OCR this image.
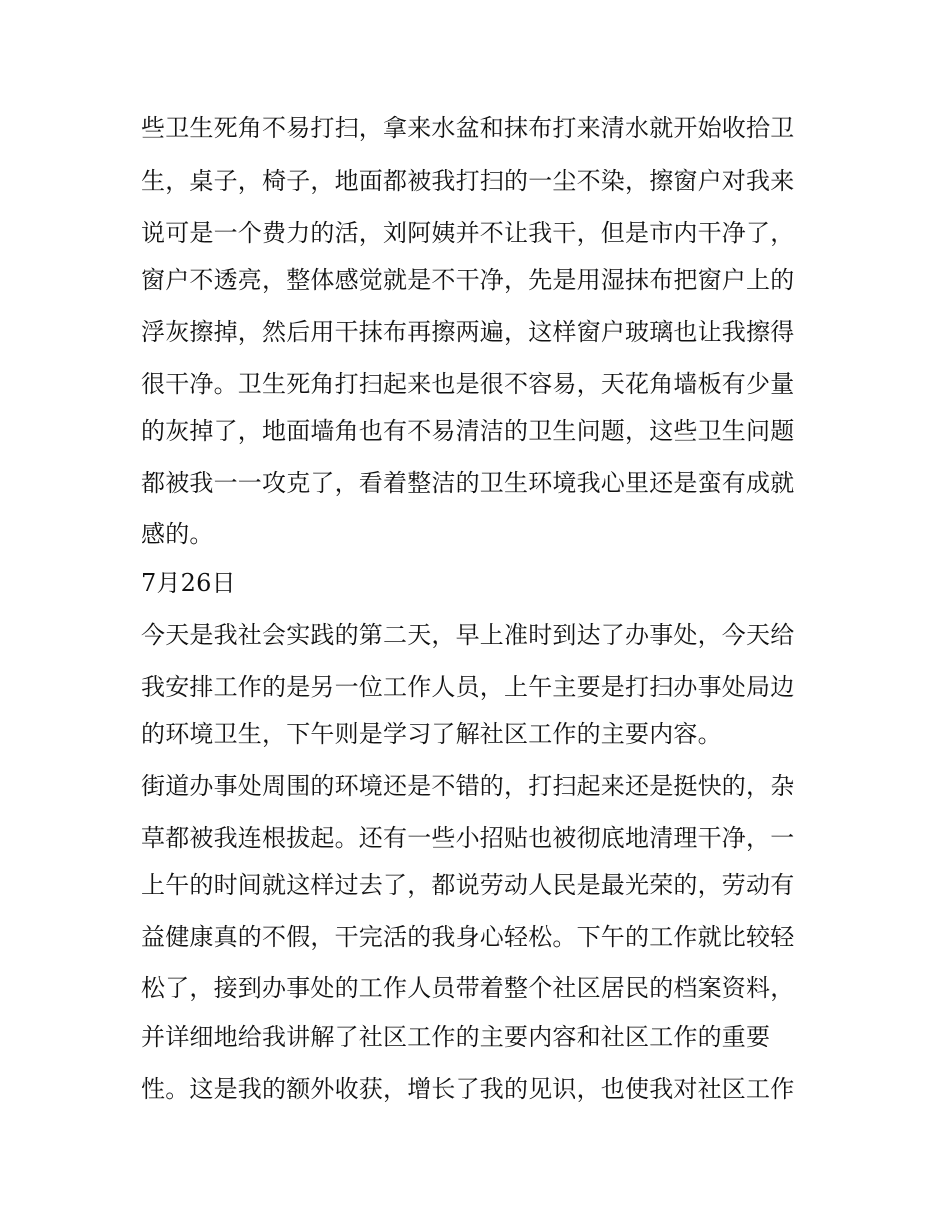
些卫生死角不易打扫，拿来水盆和抹布打来清水就开始收拾卫
生，桌子，椅子，地面都被我打扫的一尘不染，擦窗户对我来
说可是一个费力的活，刘阿姨并不让我干，但是市内干净了，
窗户不透亮，整体感觉就是不干净，先是用湿抹布把窗户上的
浮灰擦掉，然后用干抹布再擦两遍，这样窗户玻璃也让我擦得
很干净。卫生死角打扫起来也是很不容易，天花角墙板有少量
的灰掉了，地面墙角也有不易清洁的卫生问题，这些卫生问题
都被我一一攻克了，看着整洁的卫生环境我心里还是蛮有成就
感的。
7月26日
今天是我社会实践的第二天，早上准时到达了办事处，今天给
我安排工作的是另一位工作人员，上午主要是打扫办事处局边
的环境卫生，下午则是学习了解社区工作的主要内容。
街道办事处周围的环境还是不错的，打扫起来还是挺快的，杂
草都被我连根拔起。还有一些小招贴也被彻底地清理干净，一
上午的时间就这样过去了，都说劳动人民是最光荣的，劳动有
益健康真的不假，干完活的我身心轻松。下午的工作就比较轻
松了，接到办事处的工作人员带着整个社区居民的档案资料，
并详细地给我讲解了社区工作的主要内容和社区工作的重要
性。这是我的额外收获，增长了我的见识，也使我对社区工作
